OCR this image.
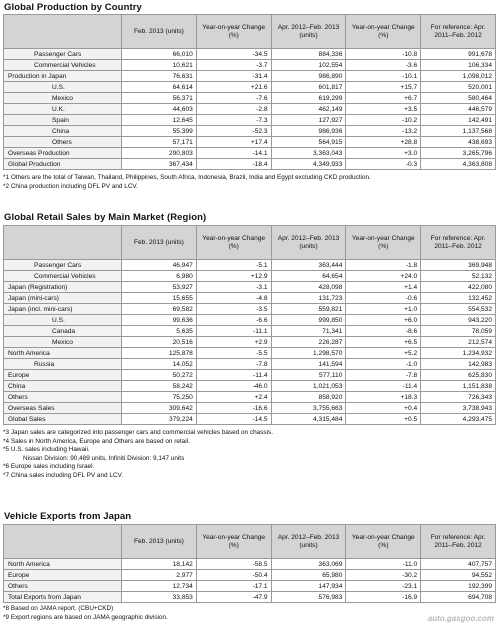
Global Production by Country
	Feb. 2013 (units)	Year-on-year Change (%)	Apr. 2012–Feb. 2013 (units)	Year-on-year Change (%)	For reference: Apr. 2011–Feb. 2012
Passenger Cars	66,010	-34.5	884,336	-10.8	991,678
Commercial Vehicles	10,621	-3.7	102,554	-3.6	106,334
Production in Japan	76,631	-31.4	986,890	-10.1	1,098,012
U.S.	64,614	+21.6	601,817	+15.7	520,001
Mexico	56,371	-7.6	619,299	+6.7	580,464
U.K.	44,603	-2.8	462,149	+3.5	446,579
Spain	12,645	-7.3	127,927	-10.2	142,491
China	55,399	-52.3	986,936	-13.2	1,137,568
Others	57,171	+17.4	564,915	+28.8	438,693
Overseas Production	290,803	-14.1	3,363,043	+3.0	3,265,796
Global Production	367,434	-18.4	4,349,933	-0.3	4,363,808
*1 Others are the total of Taiwan, Thailand, Philippines, South Africa, Indonesia, Brazil, India and Egypt excluding CKD production.
*2 China production including DFL PV and LCV.
Global Retail Sales by Main Market (Region)
	Feb. 2013 (units)	Year-on-year Change (%)	Apr. 2012–Feb. 2013 (units)	Year-on-year Change (%)	For reference: Apr. 2011–Feb. 2012
Passenger Cars	46,947	-5.1	363,444	-1.8	369,948
Commercial Vehicles	6,980	+12.9	64,654	+24.0	52,132
Japan (Registration)	53,927	-3.1	428,098	+1.4	422,080
Japan (mini-cars)	15,655	-4.8	131,723	-0.6	132,452
Japan (incl. mini-cars)	69,582	-3.5	559,821	+1.0	554,532
U.S.	99,636	-6.6	999,850	+6.0	943,220
Canada	5,635	-11.1	71,341	-8.6	78,059
Mexico	20,516	+2.9	226,287	+6.5	212,574
North America	125,878	-5.5	1,298,570	+5.2	1,234,932
Russia	14,052	-7.8	141,594	-1.0	142,983
Europe	50,272	-11.4	577,110	-7.8	625,830
China	58,242	-46.0	1,021,053	-11.4	1,151,838
Others	75,250	+2.4	858,920	+18.3	726,343
Overseas Sales	309,642	-16.6	3,755,663	+0.4	3,738,943
Global Sales	379,224	-14.5	4,315,484	+0.5	4,293,475
*3 Japan sales are categorized into passenger cars and commercial vehicles based on chassis.
*4 Sales in North America, Europe and Others are based on retail.
*5 U.S. sales including Hawaii.
Nissan Division: 90,489 units, Infiniti Division: 9,147 units
*6 Europe sales including Israel.
*7 China sales including DFL PV and LCV.
Vehicle Exports from Japan
	Feb. 2013 (units)	Year-on-year Change (%)	Apr. 2012–Feb. 2013 (units)	Year-on-year Change (%)	For reference: Apr. 2011–Feb. 2012
North America	18,142	-58.5	363,069	-11.0	407,757
Europe	2,977	-50.4	65,980	-30.2	94,552
Others	12,734	-17.1	147,934	-23.1	192,399
Total Exports from Japan	33,853	-47.9	576,983	-16.9	694,708
*8 Based on JAMA report. (CBU+CKD)
*9 Export regions are based on JAMA geographic division.	auto.gasgoo.com
